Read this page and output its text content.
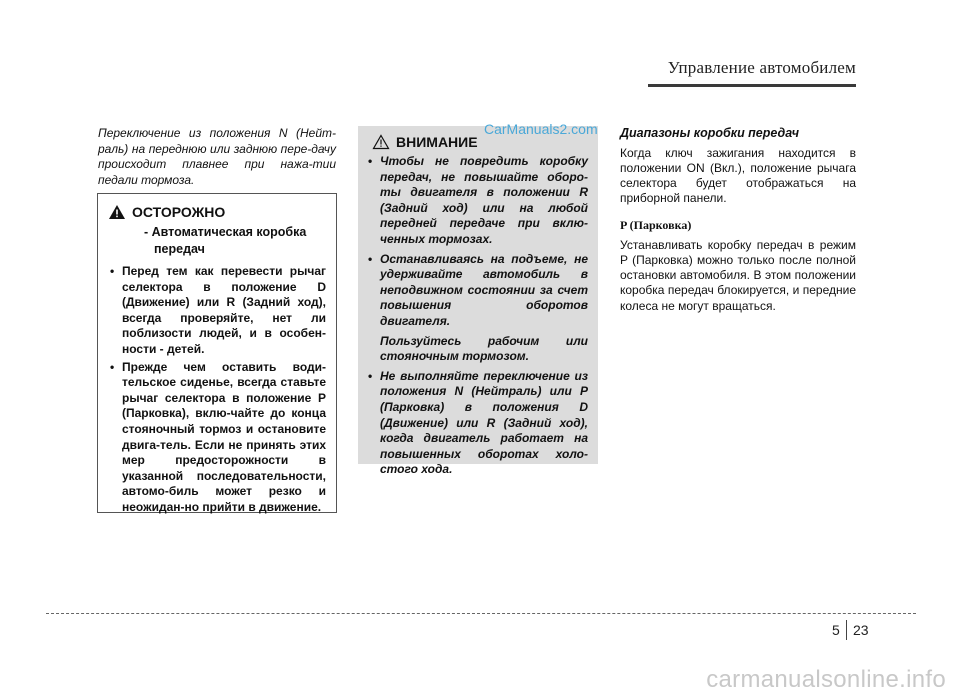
Управление автомобилем

Переключение из положения N (Нейт-раль) на переднюю или заднюю пере-дачу происходит плавнее при нажа-тии педали тормоза.

ОСТОРОЖНО
- Автоматическая коробка
передач
• Перед тем как перевести рычаг селектора в положение D (Движение) или R (Задний ход), всегда проверяйте, нет ли поблизости людей, и в особен-ности - детей.
• Прежде чем оставить води-тельское сиденье, всегда ставьте рычаг селектора в положение P (Парковка), вклю-чайте до конца стояночный тормоз и остановите двига-тель. Если не принять этих мер предосторожности в указанной последовательности, автомо-биль может резко и неожидан-но прийти в движение.
ВНИМАНИЕ

• Чтобы не повредить коробку передач, не повышайте оборо-ты двигателя в положении R (Задний ход) или на любой передней передаче при вклю-ченных тормозах.

• Останавливаясь на подъеме, не удерживайте автомобиль в неподвижном состоянии за счет повышения оборотов двигателя.

Пользуйтесь рабочим или стояночным тормозом.

• Не выполняйте переключение из положения N (Нейтраль) или P (Парковка) в положения D (Движение) или R (Задний ход), когда двигатель работает на повышенных оборотах холо-стого хода.

CarManuals2.com Диапазоны коробки передач

Когда ключ зажигания находится в положении ON (Вкл.), положение рычага селектора будет отображаться на приборной панели.

P (Парковка)

Устанавливать коробку передач в режим P (Парковка) можно только после полной остановки автомобиля. В этом положении коробка передач блокируется, и передние колеса не могут вращаться.

5 23
carmanualsonline.info
